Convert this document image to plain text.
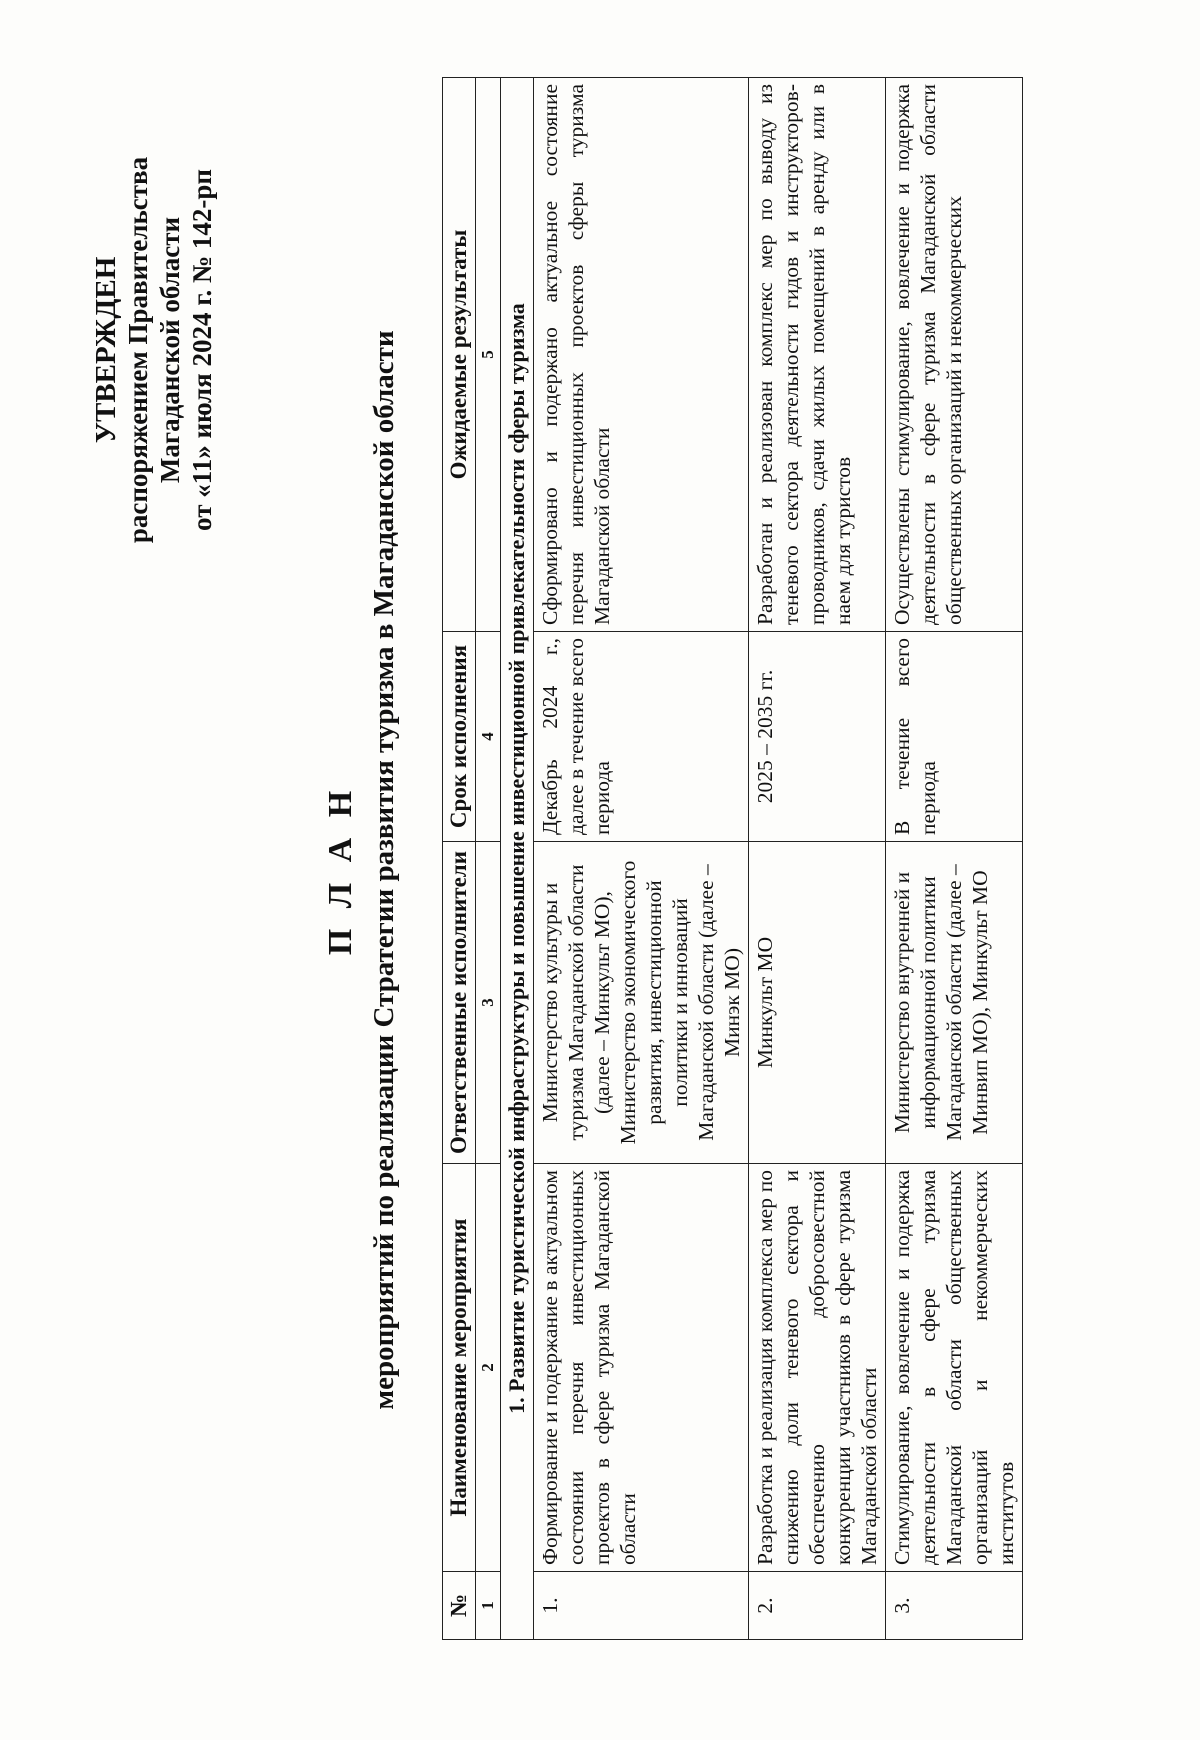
УТВЕРЖДЕН распоряжением Правительства Магаданской области от «11» июля 2024 г. № 142-рп
П Л А Н мероприятий по реализации Стратегии развития туризма в Магаданской области
№	Наименование мероприятия	Ответственные исполнители	Срок исполнения	Ожидаемые результаты
1	2	3	4	5
1. Развитие туристической инфраструктуры и повышение инвестиционной привлекательности сферы туризма				
1.	Формирование и подержание в актуальном состоянии перечня инвестиционных проектов в сфере туризма Магаданской области	Министерство культуры и туризма Магаданской области (далее – Минкульт МО), Министерство экономического развития, инвестиционной политики и инноваций Магаданской области (далее – Минэк МО)	Декабрь 2024 г., далее в течение всего периода	Сформировано и подержано актуальное состояние перечня инвестиционных проектов сферы туризма Магаданской области
2.	Разработка и реализация комплекса мер по снижению доли теневого сектора и обеспечению добросовестной конкуренции участников в сфере туризма Магаданской области	Минкульт МО	2025 – 2035 гг.	Разработан и реализован комплекс мер по выводу из теневого сектора деятельности гидов и инструкторов-проводников, сдачи жилых помещений в аренду или в наем для туристов
3.	Стимулирование, вовлечение и подержка деятельности в сфере туризма Магаданской области общественных организаций и некоммерческих институтов	Министерство внутренней и информационной политики Магаданской области (далее – Минвип МО), Минкульт МО	В течение всего периода	Осуществлены стимулирование, вовлечение и подержка деятельности в сфере туризма Магаданской области общественных организаций и некоммерческих
